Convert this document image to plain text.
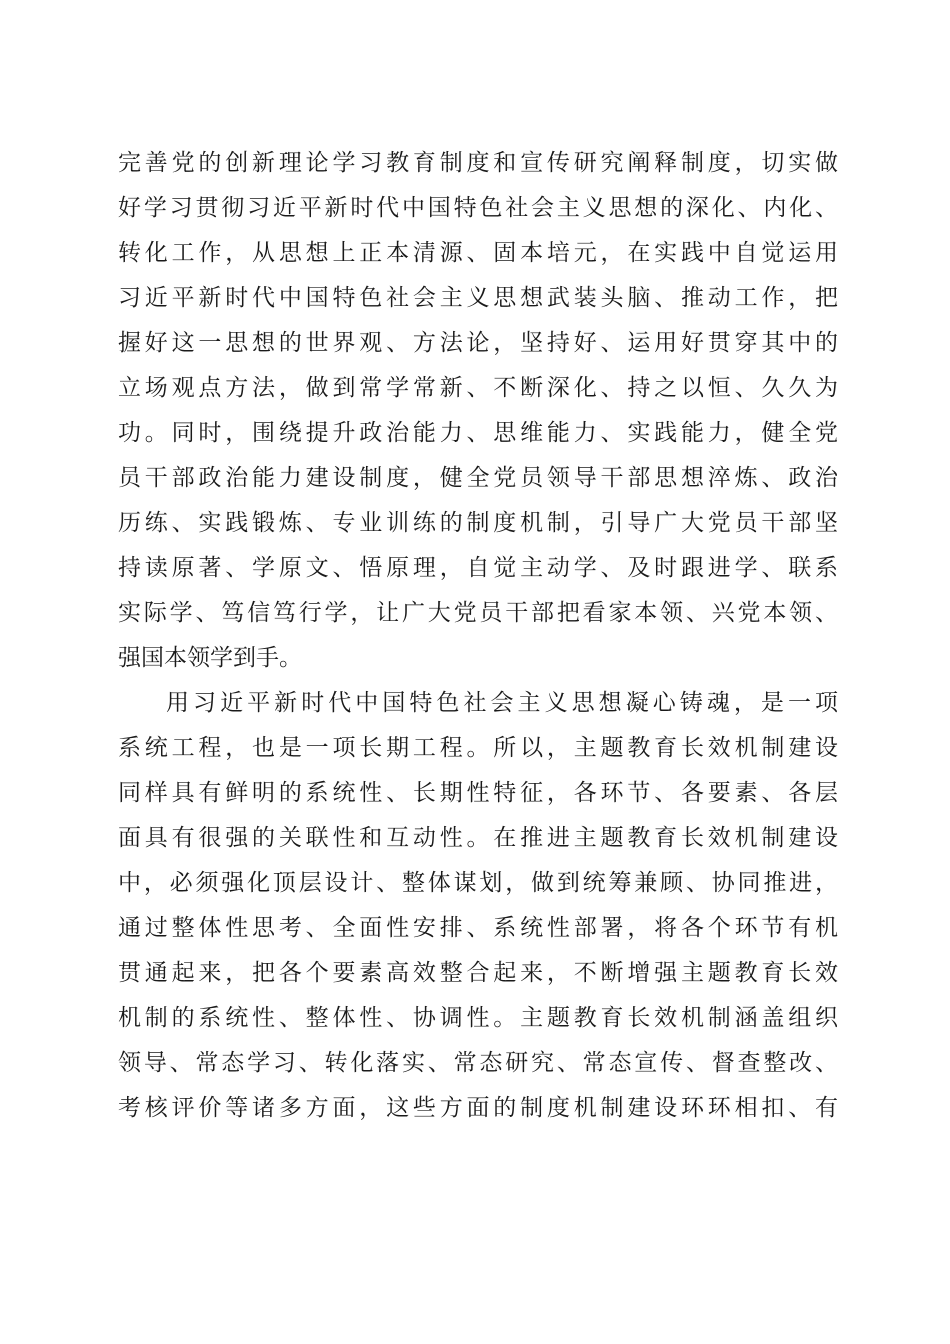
完善党的创新理论学习教育制度和宣传研究阐释制度，切实做
好学习贯彻习近平新时代中国特色社会主义思想的深化、内化、
转化工作，从思想上正本清源、固本培元，在实践中自觉运用
习近平新时代中国特色社会主义思想武装头脑、推动工作，把
握好这一思想的世界观、方法论，坚持好、运用好贯穿其中的
立场观点方法，做到常学常新、不断深化、持之以恒、久久为
功。同时，围绕提升政治能力、思维能力、实践能力，健全党
员干部政治能力建设制度，健全党员领导干部思想淬炼、政治
历练、实践锻炼、专业训练的制度机制，引导广大党员干部坚
持读原著、学原文、悟原理，自觉主动学、及时跟进学、联系
实际学、笃信笃行学，让广大党员干部把看家本领、兴党本领、
强国本领学到手。
用习近平新时代中国特色社会主义思想凝心铸魂，是一项
系统工程，也是一项长期工程。所以，主题教育长效机制建设
同样具有鲜明的系统性、长期性特征，各环节、各要素、各层
面具有很强的关联性和互动性。在推进主题教育长效机制建设
中，必须强化顶层设计、整体谋划，做到统筹兼顾、协同推进，
通过整体性思考、全面性安排、系统性部署，将各个环节有机
贯通起来，把各个要素高效整合起来，不断增强主题教育长效
机制的系统性、整体性、协调性。主题教育长效机制涵盖组织
领导、常态学习、转化落实、常态研究、常态宣传、督查整改、
考核评价等诸多方面，这些方面的制度机制建设环环相扣、有
